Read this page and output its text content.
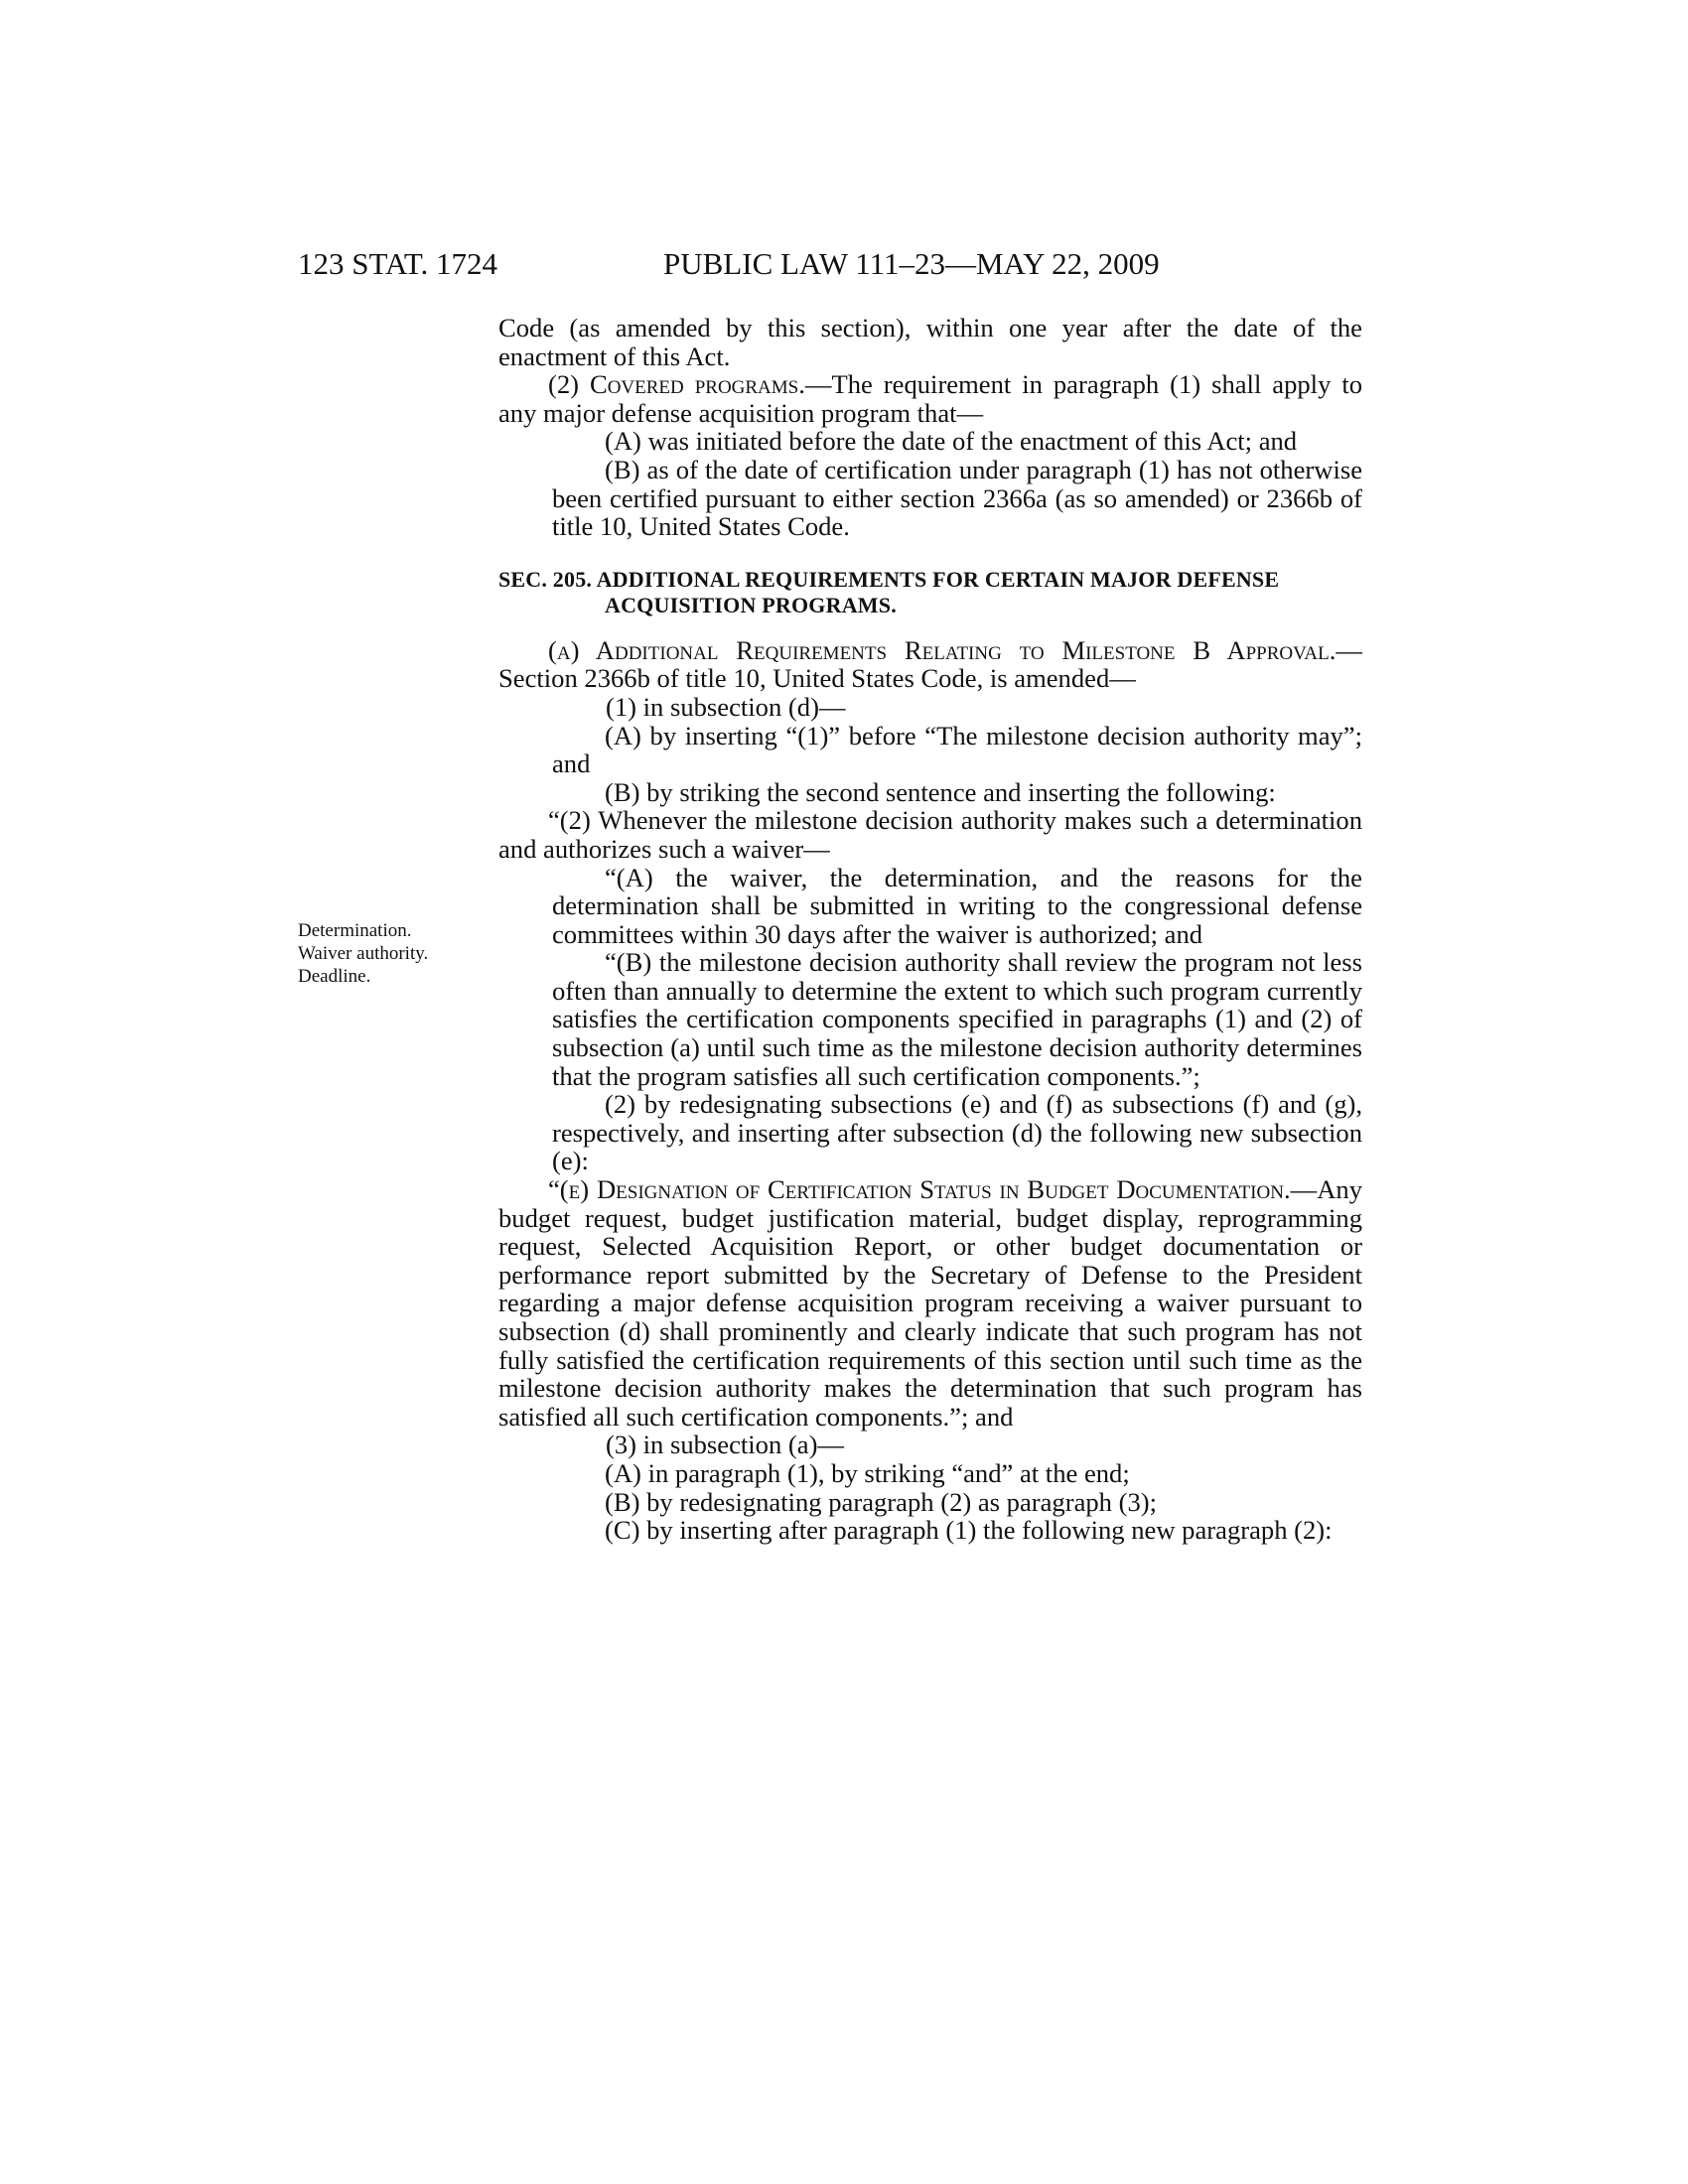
123 STAT. 1724	PUBLIC LAW 111–23—MAY 22, 2009
Determination.
Waiver authority.
Deadline.

Code (as amended by this section), within one year after the date of the enactment of this Act.

(2) Covered programs.—The requirement in paragraph (1) shall apply to any major defense acquisition program that—

(A) was initiated before the date of the enactment of this Act; and

(B) as of the date of certification under paragraph (1) has not otherwise been certified pursuant to either section 2366a (as so amended) or 2366b of title 10, United States Code.

SEC. 205. ADDITIONAL REQUIREMENTS FOR CERTAIN MAJOR DEFENSE
ACQUISITION PROGRAMS.

(a) Additional Requirements Relating to Milestone B Approval.—Section 2366b of title 10, United States Code, is amended—

(1) in subsection (d)—

(A) by inserting “(1)” before “The milestone decision authority may”; and

(B) by striking the second sentence and inserting the following:

“(2) Whenever the milestone decision authority makes such a determination and authorizes such a waiver—

“(A) the waiver, the determination, and the reasons for the determination shall be submitted in writing to the congressional defense committees within 30 days after the waiver is authorized; and

“(B) the milestone decision authority shall review the program not less often than annually to determine the extent to which such program currently satisfies the certification components specified in paragraphs (1) and (2) of subsection (a) until such time as the milestone decision authority determines that the program satisfies all such certification components.”;

(2) by redesignating subsections (e) and (f) as subsections (f) and (g), respectively, and inserting after subsection (d) the following new subsection (e):

“(e) Designation of Certification Status in Budget Documentation.—Any budget request, budget justification material, budget display, reprogramming request, Selected Acquisition Report, or other budget documentation or performance report submitted by the Secretary of Defense to the President regarding a major defense acquisition program receiving a waiver pursuant to subsection (d) shall prominently and clearly indicate that such program has not fully satisfied the certification requirements of this section until such time as the milestone decision authority makes the determination that such program has satisfied all such certification components.”; and

(3) in subsection (a)—

(A) in paragraph (1), by striking “and” at the end;

(B) by redesignating paragraph (2) as paragraph (3);

(C) by inserting after paragraph (1) the following new paragraph (2):
